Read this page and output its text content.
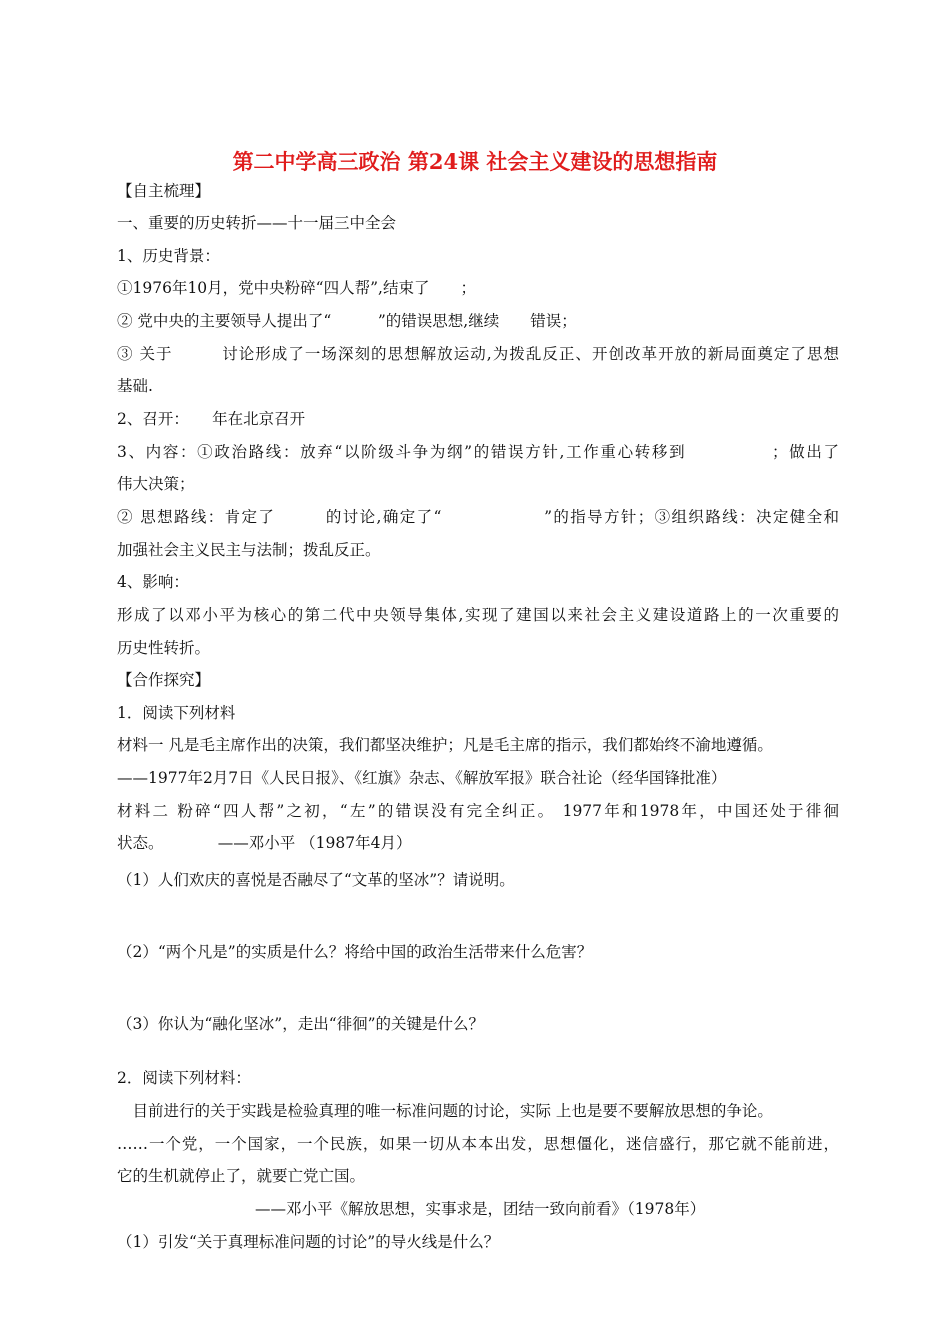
第二中学高三政治 第24课 社会主义建设的思想指南
【自主梳理】
一、重要的历史转折——十一届三中全会
1、历史背景：
①1976年10月，党中央粉碎“四人帮”,结束了　　；
② 党中央的主要领导人提出了“　　　”的错误思想,继续　　错误；
③ 关于　　　讨论形成了一场深刻的思想解放运动,为拨乱反正、开创改革开放的新局面奠定了思想
基础.
2、召开：　　年在北京召开
3、内容：①政治路线：放弃“以阶级斗争为纲”的错误方针,工作重心转移到　　　　　；做出了
伟大决策；
② 思想路线：肯定了　　　的讨论,确定了“　　　　　　”的指导方针；③组织路线：决定健全和
加强社会主义民主与法制；拨乱反正。
4、影响：
形成了以邓小平为核心的第二代中央领导集体,实现了建国以来社会主义建设道路上的一次重要的
历史性转折。
【合作探究】
1．阅读下列材料
材料一 凡是毛主席作出的决策，我们都坚决维护；凡是毛主席的指示，我们都始终不渝地遵循。
——1977年2月7日《人民日报》、《红旗》杂志、《解放军报》联合社论（经华国锋批准）
材料二 粉碎“四人帮”之初，“左”的错误没有完全纠正。 1977年和1978年，中国还处于徘徊
状态。　　　　——邓小平 （1987年4月）
（1）人们欢庆的喜悦是否融尽了“文革的坚冰”？请说明。
（2）“两个凡是”的实质是什么？将给中国的政治生活带来什么危害？
（3）你认为“融化坚冰”，走出“徘徊”的关键是什么？
2．阅读下列材料：
　目前进行的关于实践是检验真理的唯一标准问题的讨论，实际 上也是要不要解放思想的争论。
……一个党，一个国家，一个民族，如果一切从本本出发，思想僵化，迷信盛行，那它就不能前进，
它的生机就停止了，就要亡党亡国。
——邓小平《解放思想，实事求是，团结一致向前看》（1978年）
（1）引发“关于真理标准问题的讨论”的导火线是什么？
